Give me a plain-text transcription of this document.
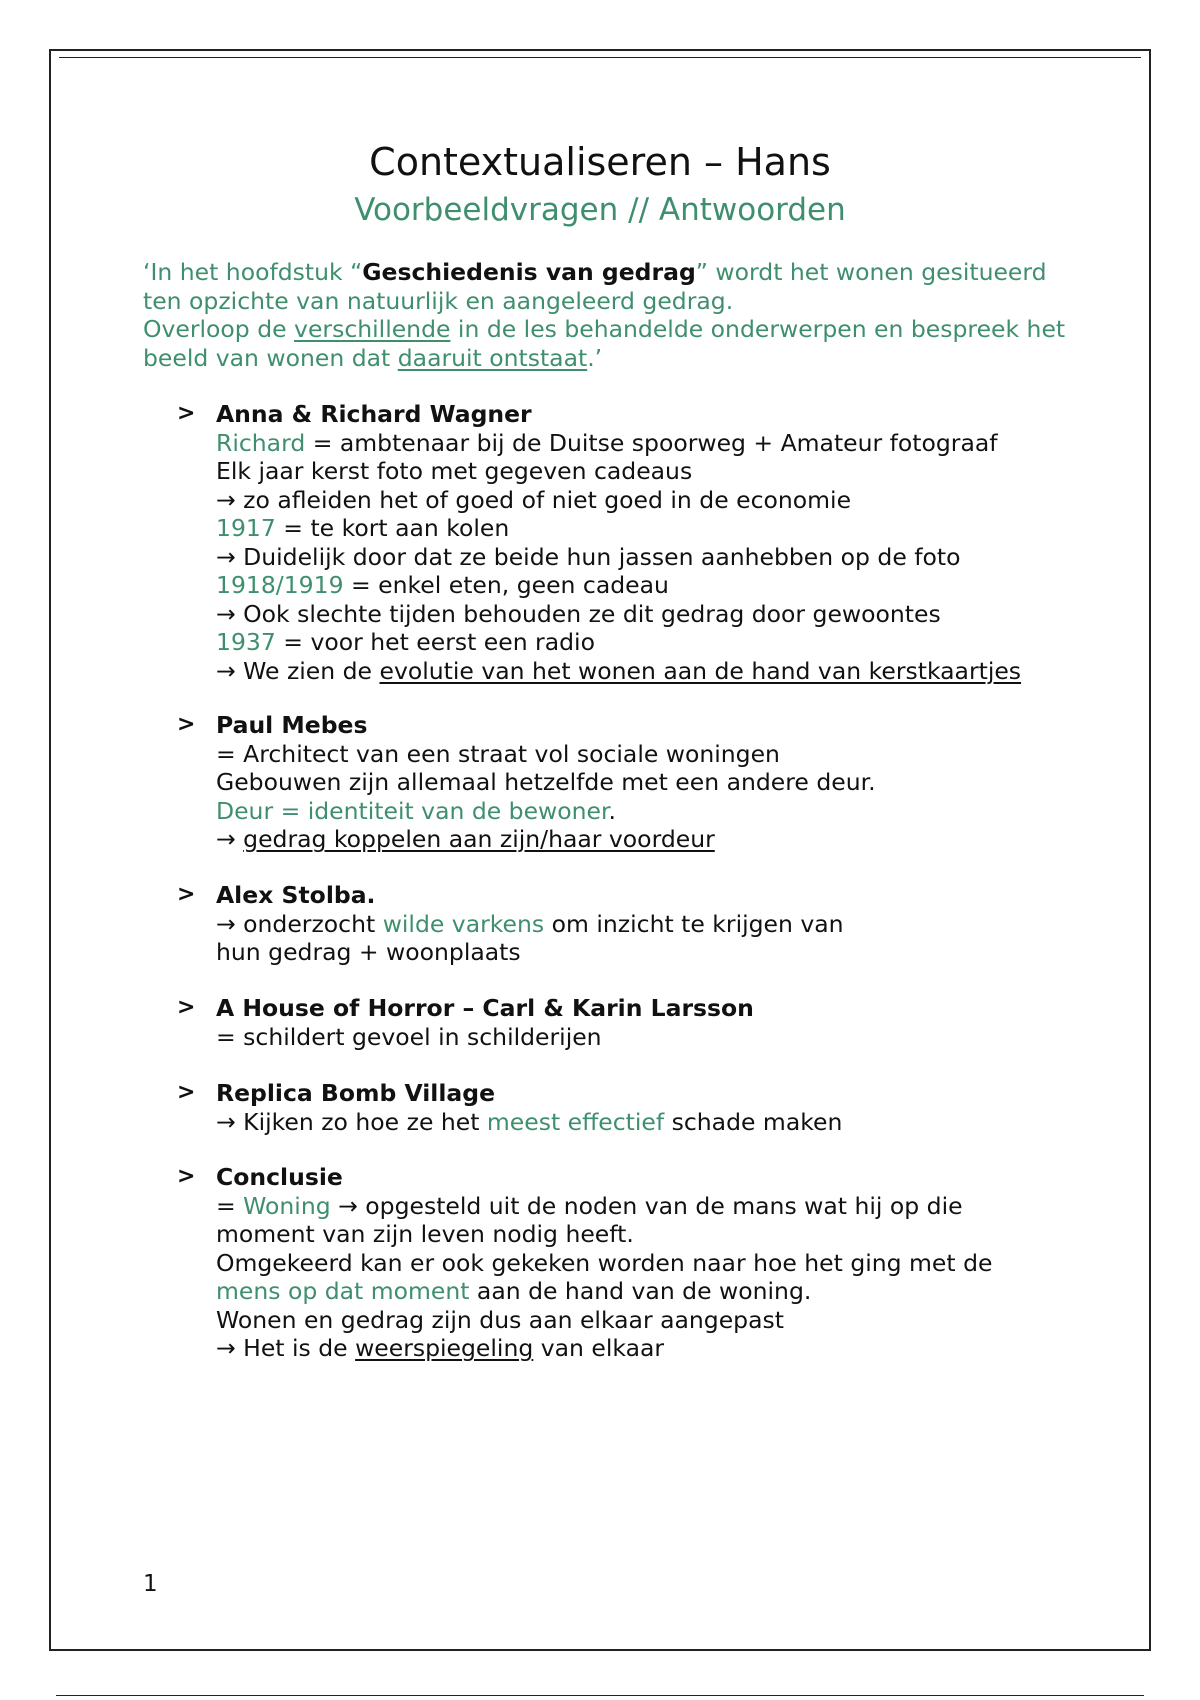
Contextualiseren – Hans
Voorbeeldvragen // Antwoorden
‘In het hoofdstuk “Geschiedenis van gedrag” wordt het wonen gesitueerd ten opzichte van natuurlijk en aangeleerd gedrag.
Overloop de verschillende in de les behandelde onderwerpen en bespreek het beeld van wonen dat daaruit ontstaat.’
> Anna & Richard Wagner
Richard = ambtenaar bij de Duitse spoorweg + Amateur fotograaf
Elk jaar kerst foto met gegeven cadeaus
→ zo afleiden het of goed of niet goed in de economie
1917 = te kort aan kolen
→ Duidelijk door dat ze beide hun jassen aanhebben op de foto
1918/1919 = enkel eten, geen cadeau
→ Ook slechte tijden behouden ze dit gedrag door gewoontes
1937 = voor het eerst een radio
→ We zien de evolutie van het wonen aan de hand van kerstkaartjes
> Paul Mebes
= Architect van een straat vol sociale woningen
Gebouwen zijn allemaal hetzelfde met een andere deur.
Deur = identiteit van de bewoner.
→ gedrag koppelen aan zijn/haar voordeur
> Alex Stolba.
→ onderzocht wilde varkens om inzicht te krijgen van
hun gedrag + woonplaats
> A House of Horror – Carl & Karin Larsson
= schildert gevoel in schilderijen
> Replica Bomb Village
→ Kijken zo hoe ze het meest effectief schade maken
> Conclusie
= Woning → opgesteld uit de noden van de mans wat hij op die
moment van zijn leven nodig heeft.
Omgekeerd kan er ook gekeken worden naar hoe het ging met de
mens op dat moment aan de hand van de woning.
Wonen en gedrag zijn dus aan elkaar aangepast
→ Het is de weerspiegeling van elkaar
1
